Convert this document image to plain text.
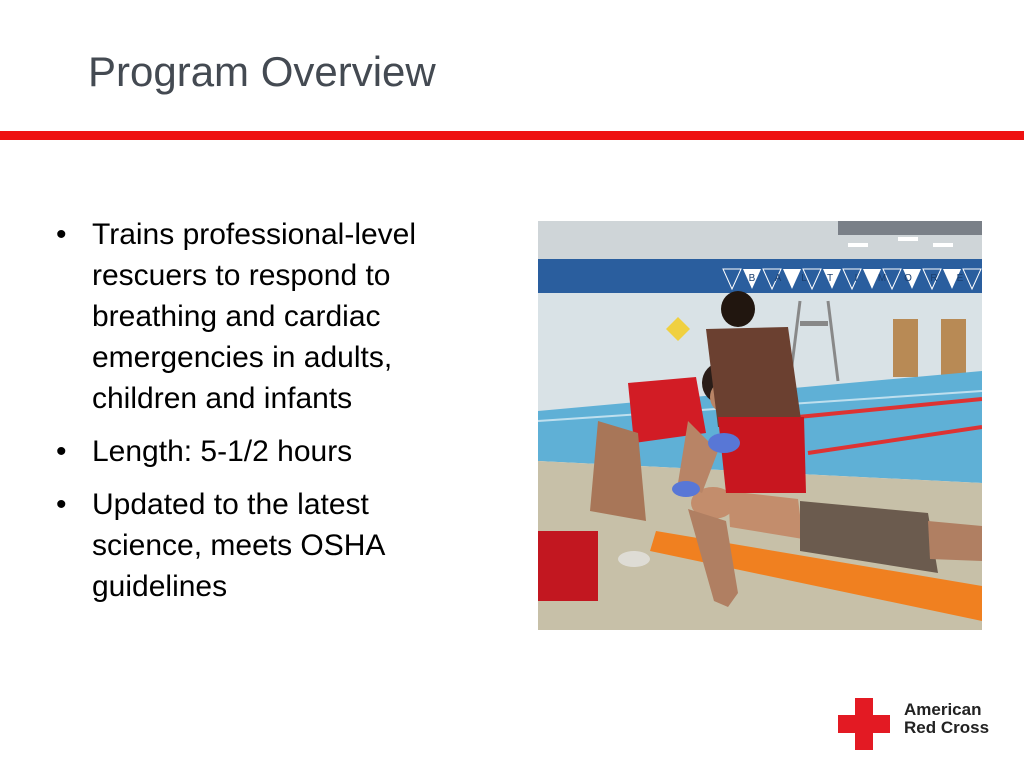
Program Overview
• Trains professional-level rescuers to respond to breathing and cardiac emergencies in adults, children and infants
• Length: 5-1/2 hours
• Updated to the latest science, meets OSHA guidelines
B A L T I M O R E
American
Red Cross
